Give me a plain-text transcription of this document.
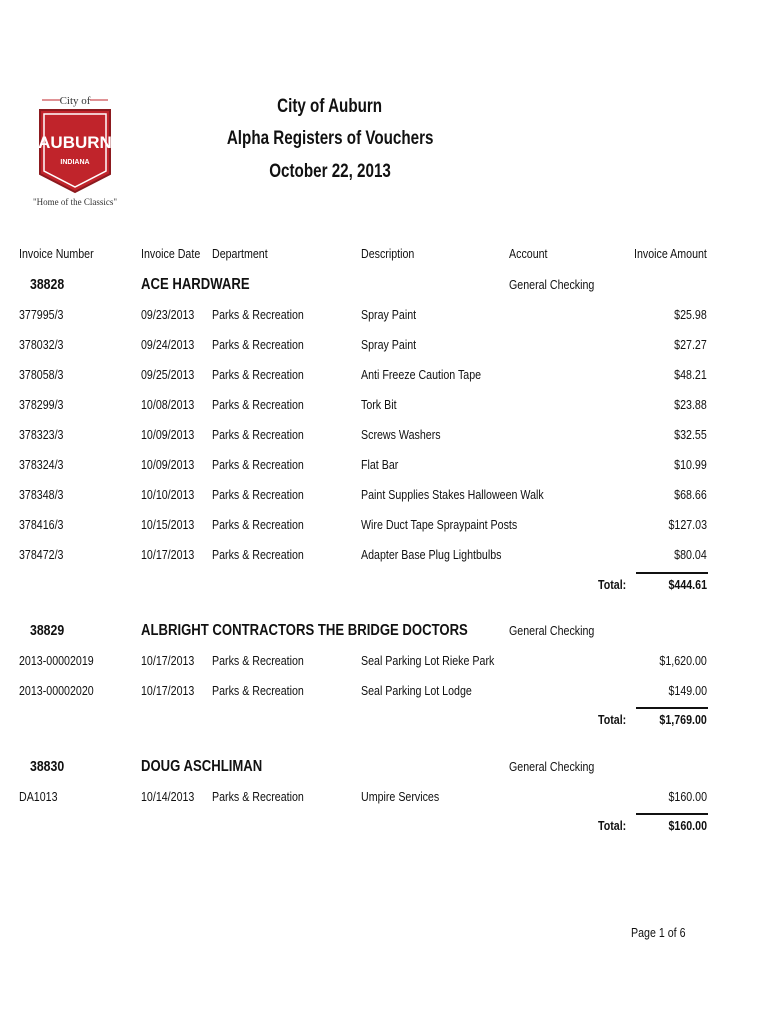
City of
AUBURN
INDIANA
"Home of the Classics"
City of Auburn
Alpha Registers of Vouchers
October 22, 2013
Invoice Number	Invoice Date Department	Description	Account	Invoice Amount
38828	ACE HARDWARE	General Checking
377995/3	09/23/2013	Parks & Recreation	Spray Paint	$25.98
378032/3	09/24/2013	Parks & Recreation	Spray Paint	$27.27
378058/3	09/25/2013	Parks & Recreation	Anti Freeze Caution Tape	$48.21
378299/3	10/08/2013	Parks & Recreation	Tork Bit	$23.88
378323/3	10/09/2013	Parks & Recreation	Screws Washers	$32.55
378324/3	10/09/2013	Parks & Recreation	Flat Bar	$10.99
378348/3	10/10/2013	Parks & Recreation	Paint Supplies Stakes Halloween Walk	$68.66
378416/3	10/15/2013	Parks & Recreation	Wire Duct Tape Spraypaint Posts	$127.03
378472/3	10/17/2013	Parks & Recreation	Adapter Base Plug Lightbulbs	$80.04
Total:	$444.61
38829	ALBRIGHT CONTRACTORS THE BRIDGE DOCTORS	General Checking
2013-00002019	10/17/2013	Parks & Recreation	Seal Parking Lot Rieke Park	$1,620.00
2013-00002020	10/17/2013	Parks & Recreation	Seal Parking Lot Lodge	$149.00
Total:	$1,769.00
38830	DOUG ASCHLIMAN	General Checking
DA1013	10/14/2013	Parks & Recreation	Umpire Services	$160.00
Total:	$160.00
Page 1 of 6
